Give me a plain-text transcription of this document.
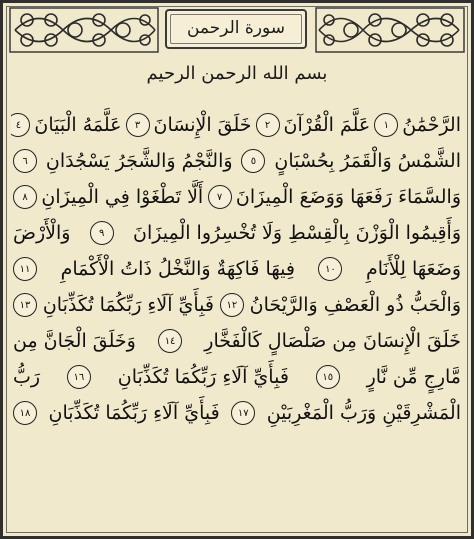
سورة الرحمن
بسم الله الرحمن الرحيم
الرَّحْمَٰنُ
١
عَلَّمَ الْقُرْآنَ
٢
خَلَقَ الْإِنسَانَ
٣
عَلَّمَهُ الْبَيَانَ
٤
الشَّمْسُ وَالْقَمَرُ بِحُسْبَانٍ
٥
وَالنَّجْمُ وَالشَّجَرُ يَسْجُدَانِ
٦
وَالسَّمَاءَ رَفَعَهَا وَوَضَعَ الْمِيزَانَ
٧
أَلَّا تَطْغَوْا فِي الْمِيزَانِ
٨
وَأَقِيمُوا الْوَزْنَ بِالْقِسْطِ وَلَا تُخْسِرُوا الْمِيزَانَ
٩
وَالْأَرْضَ
وَضَعَهَا لِلْأَنَامِ
١٠
فِيهَا فَاكِهَةٌ وَالنَّخْلُ ذَاتُ الْأَكْمَامِ
١١
وَالْحَبُّ ذُو الْعَصْفِ وَالرَّيْحَانُ
١٢
فَبِأَيِّ آلَاءِ رَبِّكُمَا تُكَذِّبَانِ
١٣
خَلَقَ الْإِنسَانَ مِن صَلْصَالٍ كَالْفَخَّارِ
١٤
وَخَلَقَ الْجَانَّ مِن
مَّارِجٍ مِّن نَّارٍ
١٥
فَبِأَيِّ آلَاءِ رَبِّكُمَا تُكَذِّبَانِ
١٦
رَبُّ
الْمَشْرِقَيْنِ وَرَبُّ الْمَغْرِبَيْنِ
١٧
فَبِأَيِّ آلَاءِ رَبِّكُمَا تُكَذِّبَانِ
١٨
